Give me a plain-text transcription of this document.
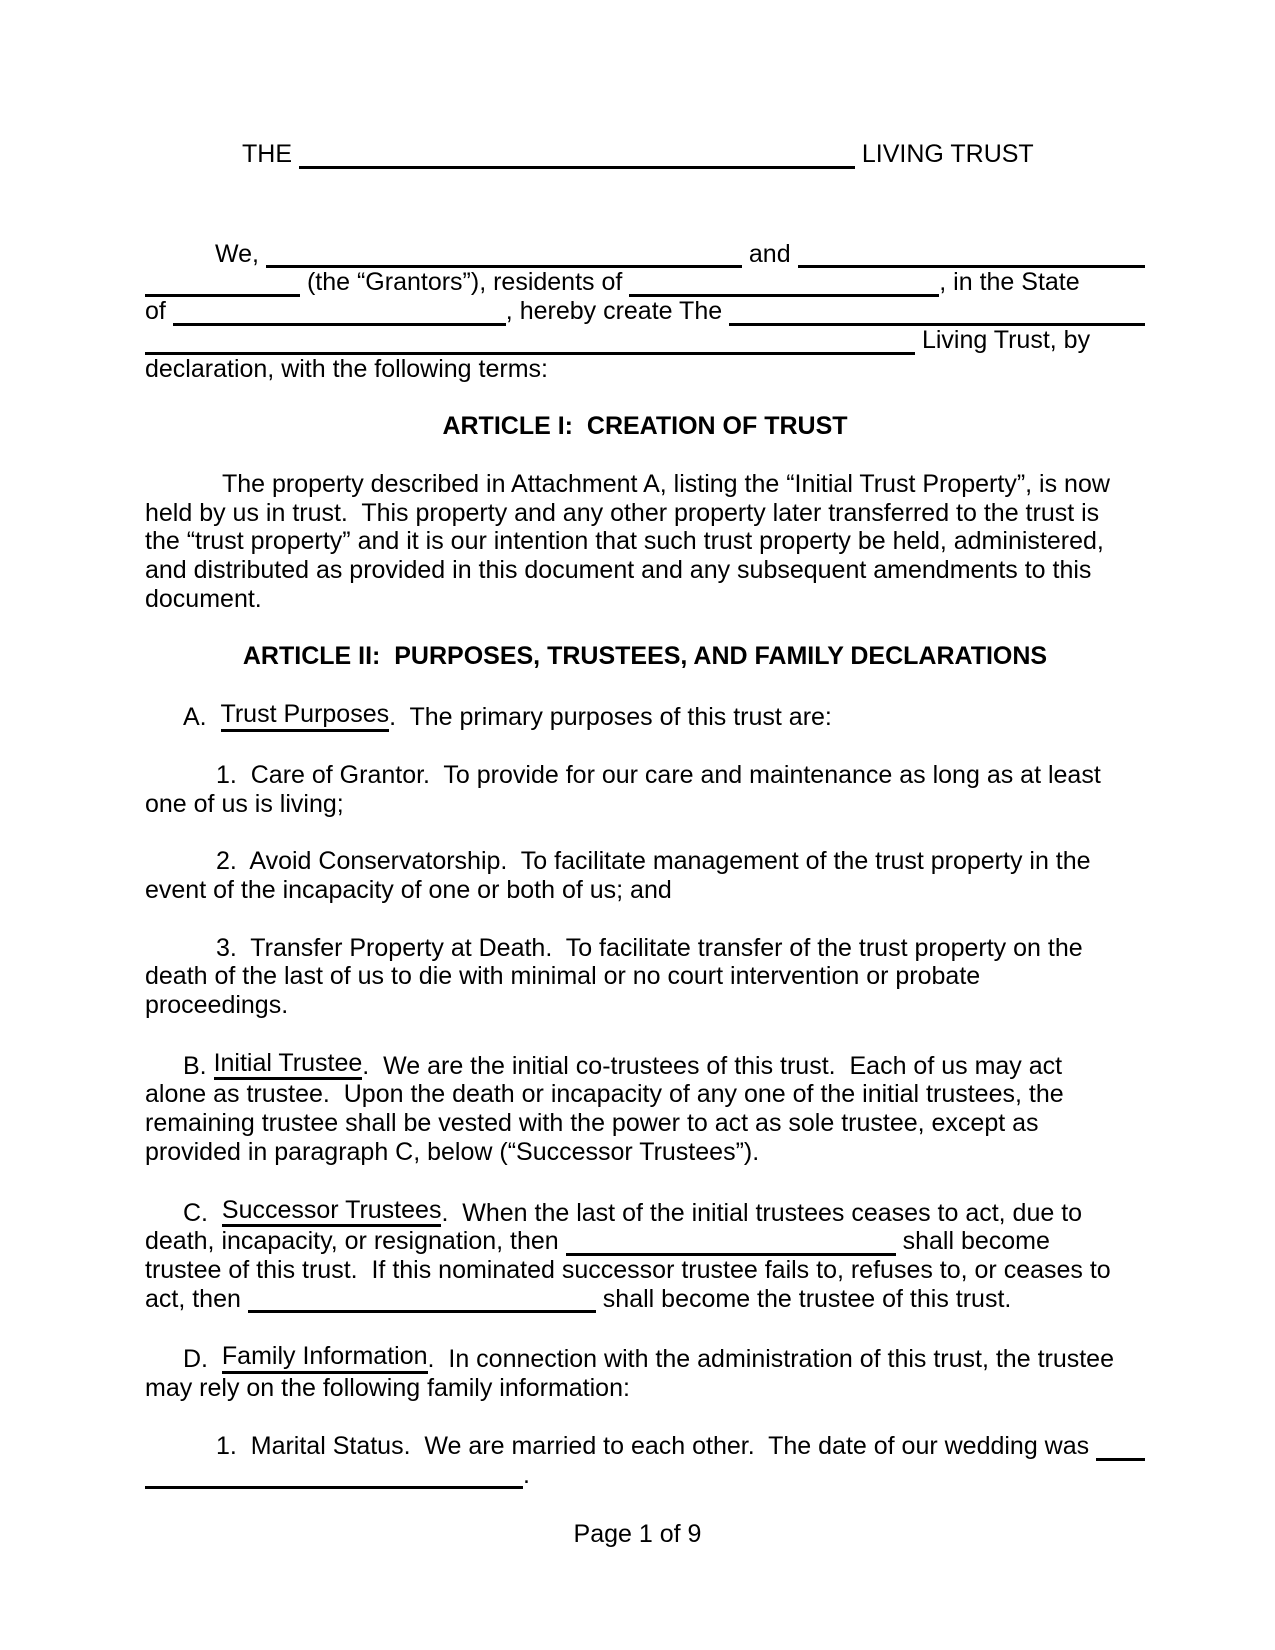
THE	LIVING TRUST
We,	and
(the “Grantors”), residents of	, in the State
of	, hereby create The
Living Trust, by
declaration, with the following terms:
ARTICLE I:  CREATION OF TRUST
The property described in Attachment A, listing the “Initial Trust Property”, is now
held by us in trust.  This property and any other property later transferred to the trust is
the “trust property” and it is our intention that such trust property be held, administered,
and distributed as provided in this document and any subsequent amendments to this
document.
ARTICLE II:  PURPOSES, TRUSTEES, AND FAMILY DECLARATIONS
A. Trust Purposes .  The primary purposes of this trust are:
1.  Care of Grantor.  To provide for our care and maintenance as long as at least
one of us is living;
2.  Avoid Conservatorship.  To facilitate management of the trust property in the
event of the incapacity of one or both of us; and
3.  Transfer Property at Death.  To facilitate transfer of the trust property on the
death of the last of us to die with minimal or no court intervention or probate
proceedings.
B. Initial Trustee .  We are the initial co-trustees of this trust.  Each of us may act
alone as trustee.  Upon the death or incapacity of any one of the initial trustees, the
remaining trustee shall be vested with the power to act as sole trustee, except as
provided in paragraph C, below (“Successor Trustees”).
C. Successor Trustees .  When the last of the initial trustees ceases to act, due to
death, incapacity, or resignation, then	shall become
trustee of this trust.  If this nominated successor trustee fails to, refuses to, or ceases to
act, then	shall become the trustee of this trust.
D. Family Information .  In connection with the administration of this trust, the trustee
may rely on the following family information:
1.  Marital Status.  We are married to each other.  The date of our wedding was
.
Page 1 of 9
